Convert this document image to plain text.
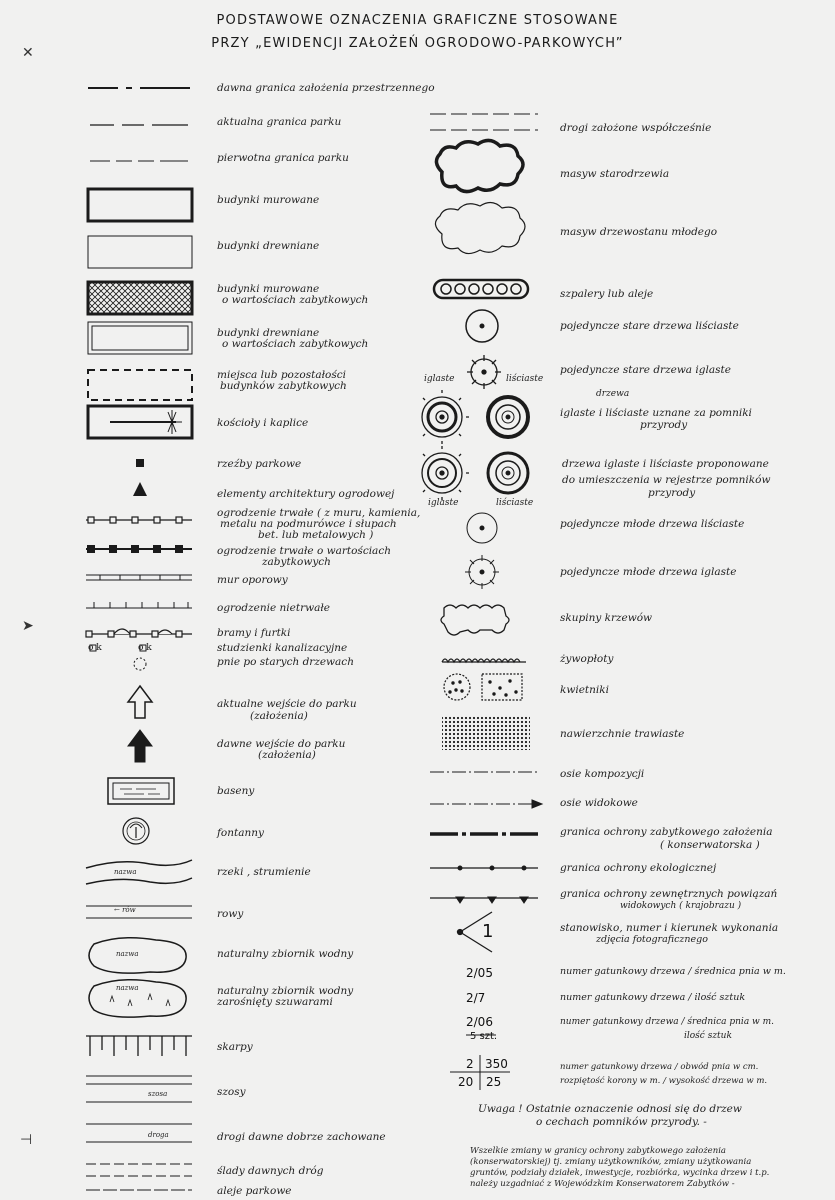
PODSTAWOWE OZNACZENIA GRAFICZNE STOSOWANE
PRZY „EWIDENCJI ZAŁOŻEŃ OGRODOWO-PARKOWYCH”
✕
➤
⊣
o k	o k
nazwa
← rów
nazwa
nazwa
szosa
droga
dawna granica założenia przestrzennego
aktualna granica parku
pierwotna granica parku
budynki murowane
budynki drewniane
budynki murowane
o wartościach zabytkowych
budynki drewniane
o wartościach zabytkowych
miejsca lub pozostałości
budynków zabytkowych
kościoły i kaplice
rzeźby parkowe
elementy architektury ogrodowej
ogrodzenie trwałe ( z muru, kamienia,
metalu na podmurówce i słupach
bet. lub metalowych )
ogrodzenie trwałe o wartościach
zabytkowych
mur oporowy
ogrodzenie nietrwałe
bramy i furtki
studzienki kanalizacyjne
pnie po starych drzewach
aktualne wejście do parku
(założenia)
dawne wejście do parku
(założenia)
baseny
fontanny
rzeki , strumienie
rowy
naturalny zbiornik wodny
naturalny zbiornik wodny
zarośnięty szuwarami
skarpy
szosy
drogi dawne dobrze zachowane
ślady dawnych dróg
aleje parkowe
iglaste	liściaste
iglaste	liściaste
1
2/05
2/7
2/06
5 szt.
2 350
20 25
drogi założone współcześnie
masyw starodrzewia
masyw drzewostanu młodego
szpalery lub aleje
pojedyncze stare drzewa liściaste
pojedyncze stare drzewa iglaste
drzewa
iglaste i liściaste uznane za pomniki
przyrody
drzewa iglaste i liściaste proponowane
do umieszczenia w rejestrze pomników
przyrody
pojedyncze młode drzewa liściaste
pojedyncze młode drzewa iglaste
skupiny krzewów
żywopłoty
kwietniki
nawierzchnie trawiaste
osie kompozycji
osie widokowe
granica ochrony zabytkowego założenia
( konserwatorska )
granica ochrony ekologicznej
granica ochrony zewnętrznych powiązań
widokowych ( krajobrazu )
stanowisko, numer i kierunek wykonania
zdjęcia fotograficznego
numer gatunkowy drzewa / średnica pnia w m.
numer gatunkowy drzewa / ilość sztuk
numer gatunkowy drzewa / średnica pnia w m.
ilość sztuk
numer gatunkowy drzewa / obwód pnia w cm.
rozpiętość korony w m. / wysokość drzewa w m.
Uwaga ! Ostatnie oznaczenie odnosi się do drzew
o cechach pomników przyrody. -
Wszelkie zmiany w granicy ochrony zabytkowego założenia
(konserwatorskiej) tj. zmiany użytkowników, zmiany użytkowania
gruntów, podziały działek, inwestycje, rozbiórka, wycinka drzew i t.p.
należy uzgadniać z Wojewódzkim Konserwatorem Zabytków -
